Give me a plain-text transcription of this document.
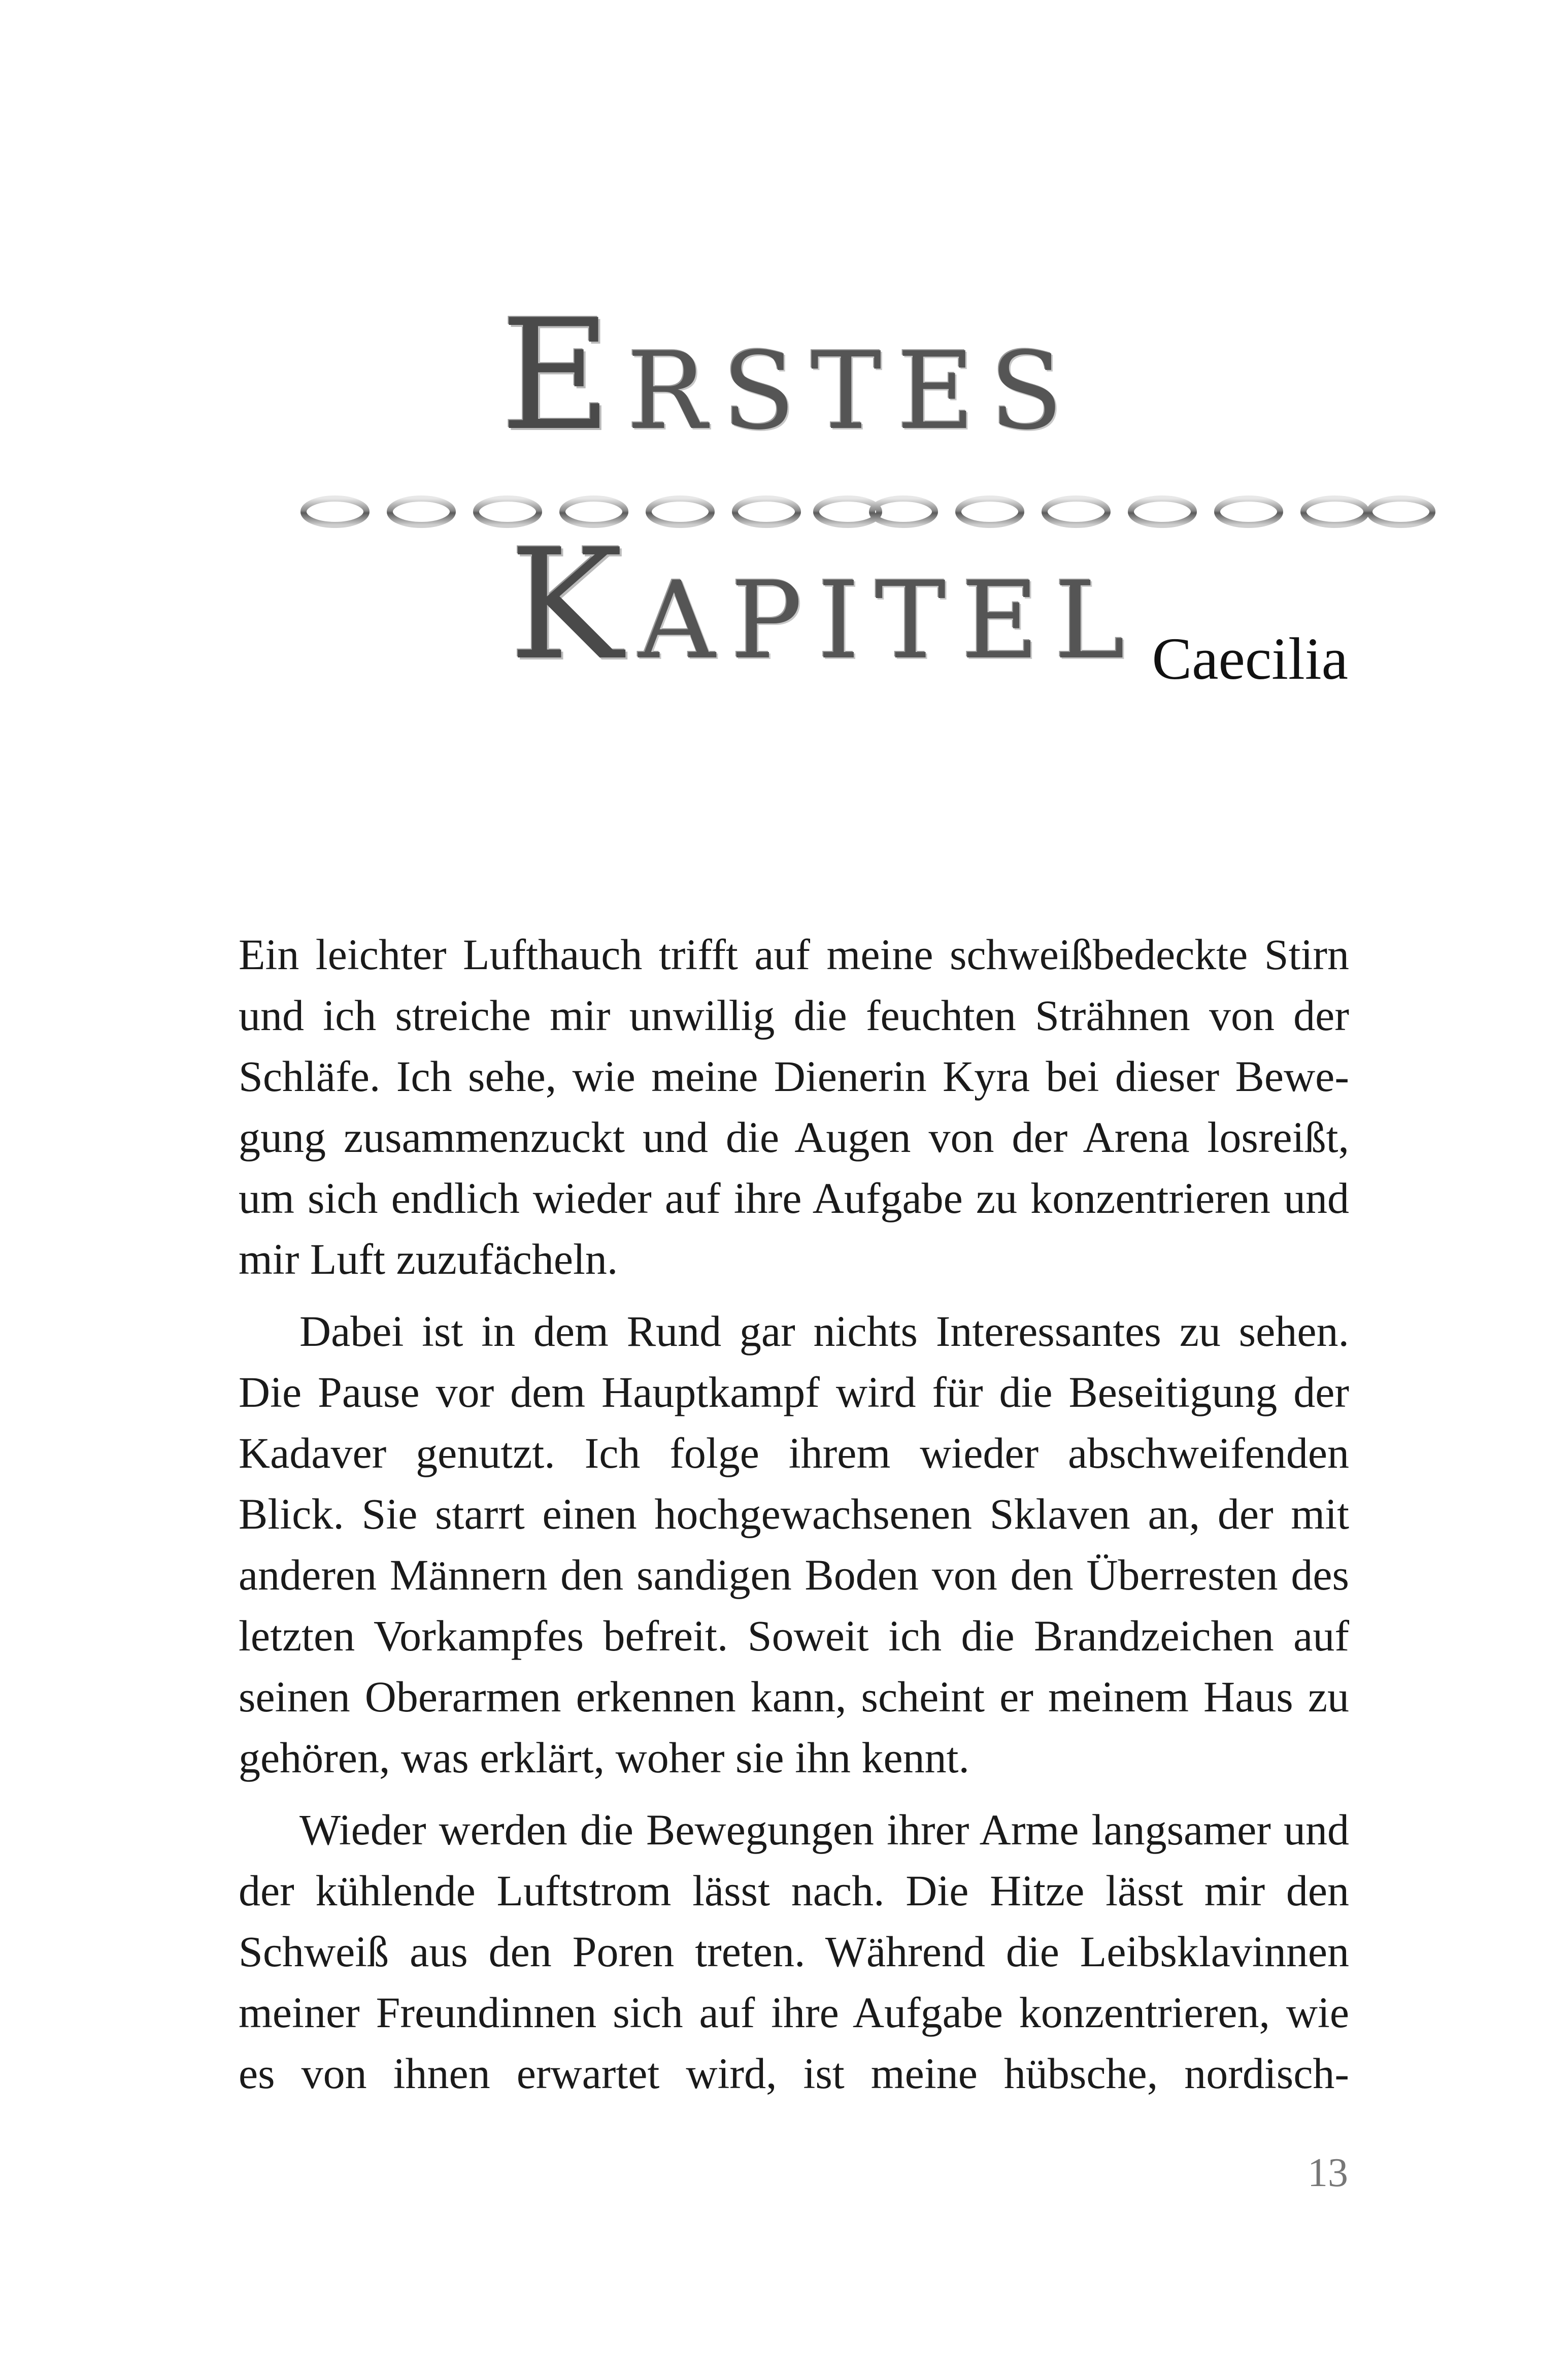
ERSTESKAPITEL Caecilia

Ein leichter Lufthauch trifft auf meine schweißbedeckte Stirn und ich streiche mir unwillig die feuchten Strähnen von der Schläfe. Ich sehe, wie meine Dienerin Kyra bei dieser Bewegung zusammenzuckt und die Augen von der Arena losreißt, um sich endlich wieder auf ihre Aufgabe zu konzentrieren und mir Luft zuzufächeln.

Dabei ist in dem Rund gar nichts Interessantes zu sehen. Die Pause vor dem Hauptkampf wird für die Beseitigung der Kadaver genutzt. Ich folge ihrem wieder abschweifenden Blick. Sie starrt einen hochgewachsenen Sklaven an, der mit anderen Männern den sandigen Boden von den Überresten des letzten Vorkampfes befreit. Soweit ich die Brandzeichen auf seinen Oberarmen erkennen kann, scheint er meinem Haus zu gehören, was erklärt, woher sie ihn kennt.

Wieder werden die Bewegungen ihrer Arme langsamer und der kühlende Luftstrom lässt nach. Die Hitze lässt mir den Schweiß aus den Poren treten. Während die Leibsklavinnen meiner Freundinnen sich auf ihre Aufgabe konzentrieren, wie es von ihnen erwartet wird, ist meine hübsche, nordisch-

13
